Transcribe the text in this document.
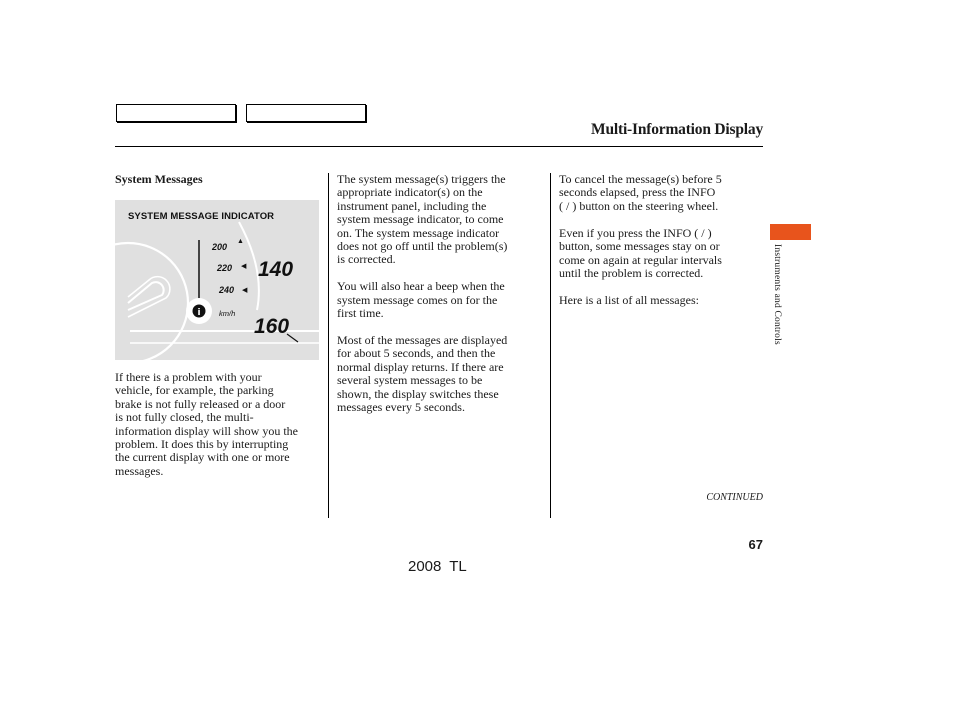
Multi-Information Display

System Messages

200
▲
220 ◀
240 ◀
km/h
140
160
i
SYSTEM MESSAGE INDICATOR

If there is a problem with your
vehicle, for example, the parking
brake is not fully released or a door
is not fully closed, the multi-
information display will show you the
problem. It does this by interrupting
the current display with one or more
messages.

The system message(s) triggers the
appropriate indicator(s) on the
instrument panel, including the
system message indicator, to come
on. The system message indicator
does not go off until the problem(s)
is corrected.

You will also hear a beep when the
system message comes on for the
first time.

Most of the messages are displayed
for about 5 seconds, and then the
normal display returns. If there are
several system messages to be
shown, the display switches these
messages every 5 seconds.

To cancel the message(s) before 5
seconds elapsed, press the INFO
( / ) button on the steering wheel.

Even if you press the INFO ( / )
button, some messages stay on or
come on again at regular intervals
until the problem is corrected.

Here is a list of all messages:	Instruments and Controls
CONTINUED
67
2008 TL
